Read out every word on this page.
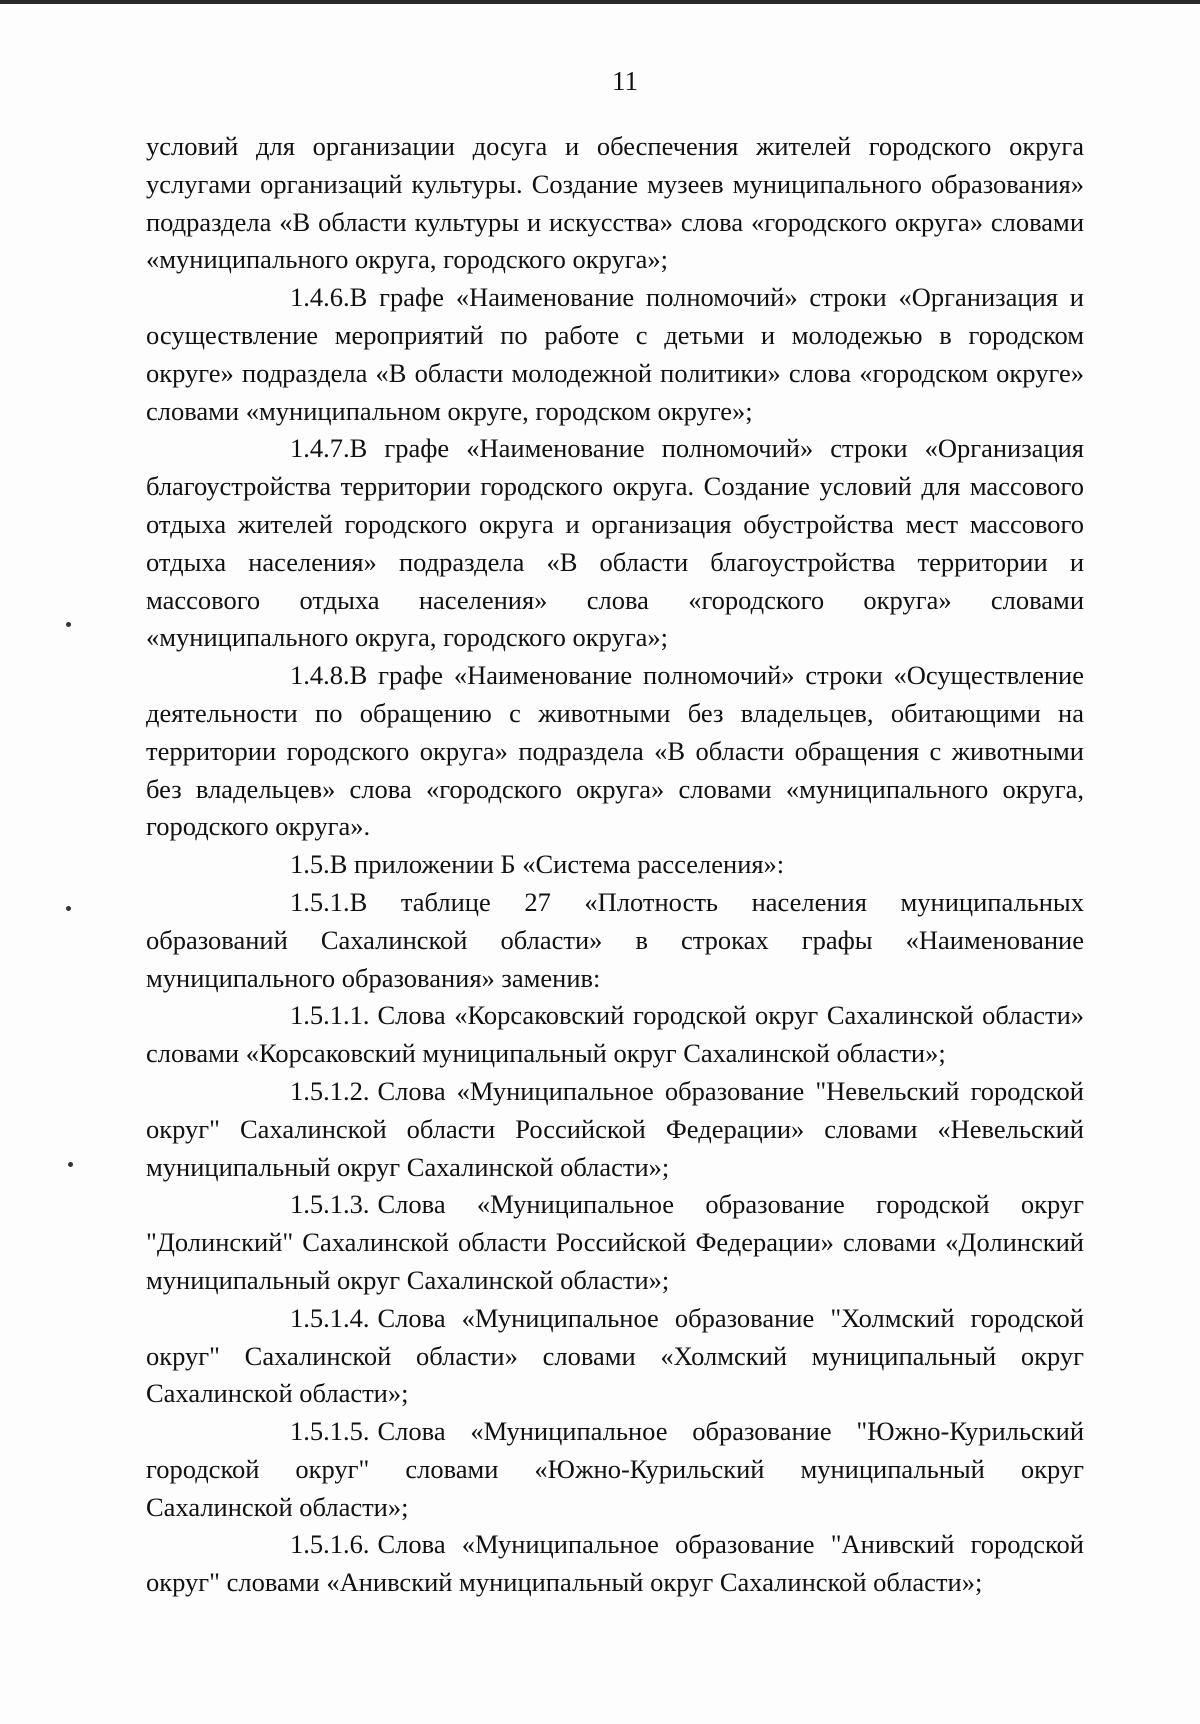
11

условий для организации досуга и обеспечения жителей городского округа услугами организаций культуры. Создание музеев муниципального образования» подраздела «В области культуры и искусства» слова «городского округа» словами «муниципального округа, городского округа»;

1.4.6.В графе «Наименование полномочий» строки «Организация и осуществление мероприятий по работе с детьми и молодежью в городском округе» подраздела «В области молодежной политики» слова «городском округе» словами «муниципальном округе, городском округе»;

1.4.7.В графе «Наименование полномочий» строки «Организация благоустройства территории городского округа. Создание условий для массового отдыха жителей городского округа и организация обустройства мест массового отдыха населения» подраздела «В области благоустройства территории и массового отдыха населения» слова «городского округа» словами «муниципального округа, городского округа»;

1.4.8.В графе «Наименование полномочий» строки «Осуществление деятельности по обращению с животными без владельцев, обитающими на территории городского округа» подраздела «В области обращения с животными без владельцев» слова «городского округа» словами «муниципального округа, городского округа».

1.5.В приложении Б «Система расселения»:

1.5.1.В таблице 27 «Плотность населения муниципальных образований Сахалинской области» в строках графы «Наименование муниципального образования» заменив:

1.5.1.1. Слова «Корсаковский городской округ Сахалинской области» словами «Корсаковский муниципальный округ Сахалинской области»;

1.5.1.2. Слова «Муниципальное образование "Невельский городской округ" Сахалинской области Российской Федерации» словами «Невельский муниципальный округ Сахалинской области»;

1.5.1.3. Слова «Муниципальное образование городской округ "Долинский" Сахалинской области Российской Федерации» словами «Долинский муниципальный округ Сахалинской области»;

1.5.1.4. Слова «Муниципальное образование "Холмский городской округ" Сахалинской области» словами «Холмский муниципальный округ Сахалинской области»;

1.5.1.5. Слова «Муниципальное образование "Южно-Курильский городской округ" словами «Южно-Курильский муниципальный округ Сахалинской области»;

1.5.1.6. Слова «Муниципальное образование "Анивский городской округ" словами «Анивский муниципальный округ Сахалинской области»;
